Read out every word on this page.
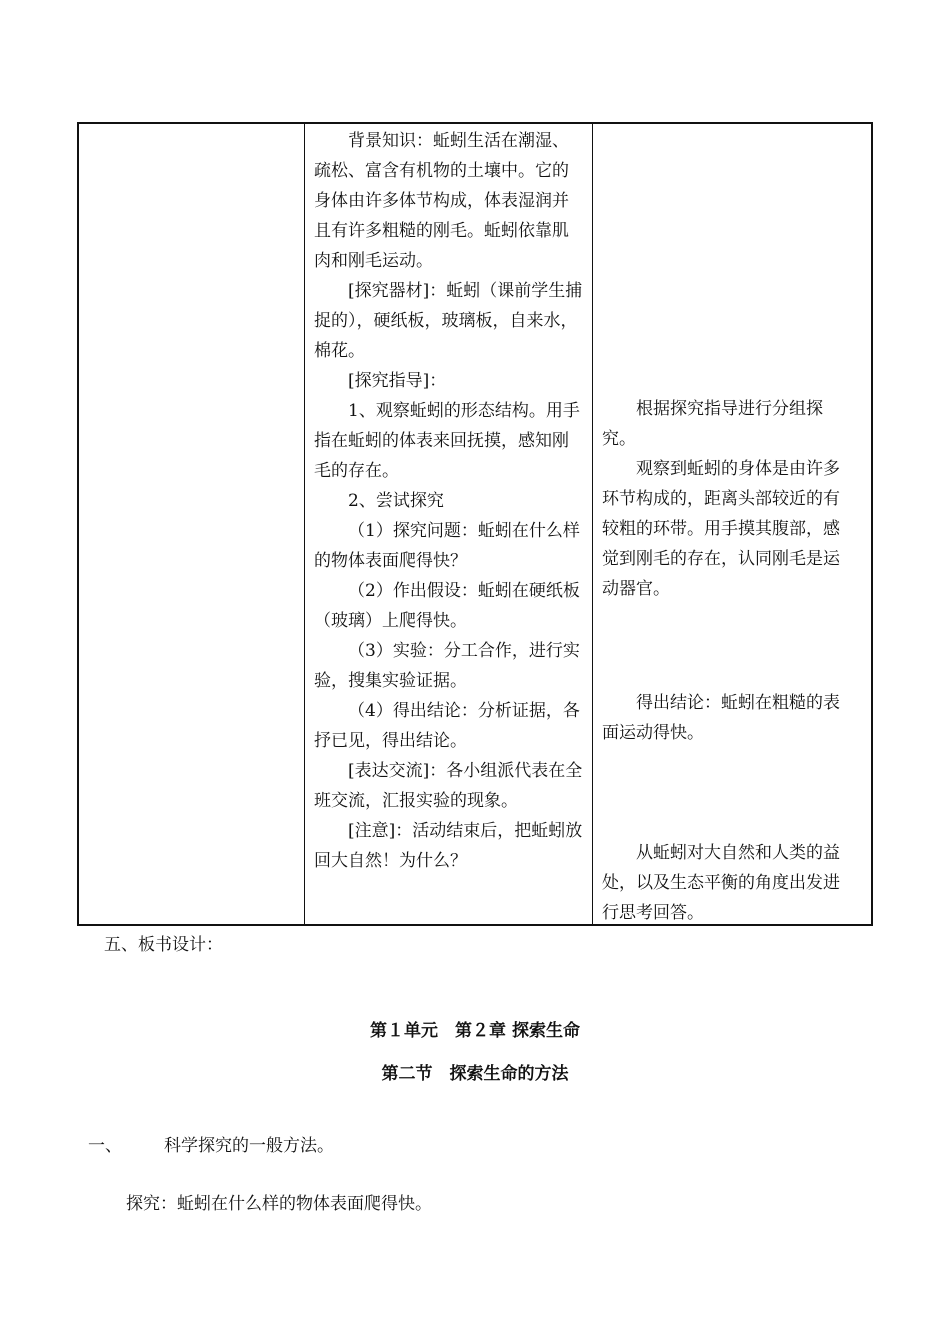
背景知识：蚯蚓生活在潮湿、疏松、富含有机物的土壤中。它的身体由许多体节构成，体表湿润并且有许多粗糙的刚毛。蚯蚓依靠肌肉和刚毛运动。

[探究器材]：蚯蚓（课前学生捕捉的），硬纸板，玻璃板，自来水，棉花。

[探究指导]：

1、观察蚯蚓的形态结构。用手指在蚯蚓的体表来回抚摸，感知刚毛的存在。

2、尝试探究

（1）探究问题：蚯蚓在什么样的物体表面爬得快？

（2）作出假设：蚯蚓在硬纸板（玻璃）上爬得快。

（3）实验：分工合作，进行实验，搜集实验证据。

（4）得出结论：分析证据，各抒已见，得出结论。

[表达交流]：各小组派代表在全班交流，汇报实验的现象。

[注意]：活动结束后，把蚯蚓放回大自然！为什么？

根据探究指导进行分组探究。

观察到蚯蚓的身体是由许多环节构成的，距离头部较近的有较粗的环带。用手摸其腹部，感觉到刚毛的存在，认同刚毛是运动器官。

得出结论：蚯蚓在粗糙的表面运动得快。

从蚯蚓对大自然和人类的益处，以及生态平衡的角度出发进行思考回答。

五、板书设计：
第１单元　第２章 探索生命
第二节　探索生命的方法
一、 科学探究的一般方法。
探究：蚯蚓在什么样的物体表面爬得快。
